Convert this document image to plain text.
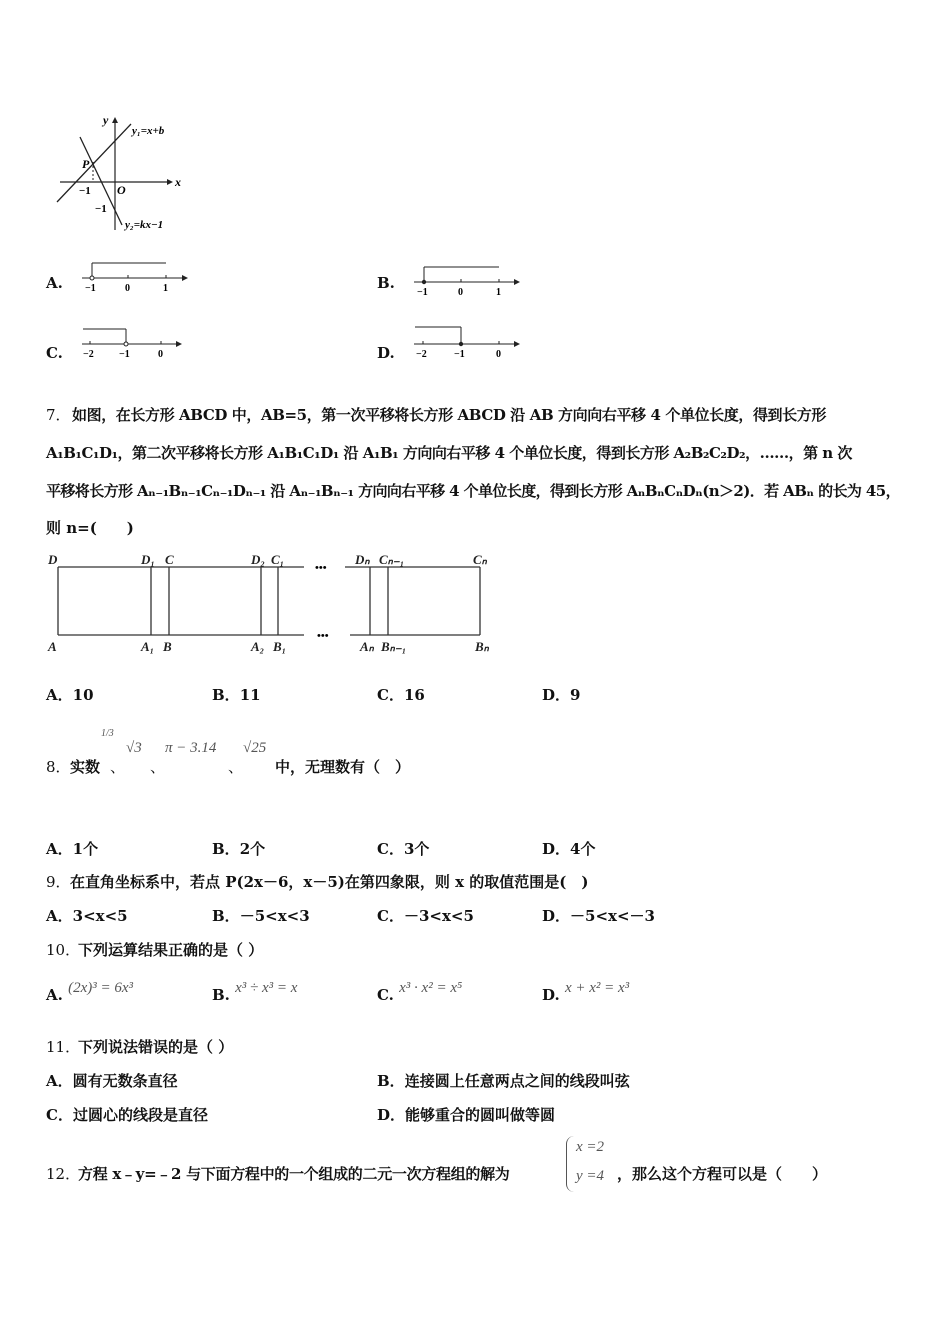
y
x
O
P
−1
−1
y₁=x+b
y₂=kx−1
A. −1	0	1	B.
−1	0	1
C. −2	−1	0	D. −2	−1	0
7． 如图，在长方形 ABCD 中，AB=5，第一次平移将长方形 ABCD 沿 AB 方向向右平移 4 个单位长度，得到长方形
A₁B₁C₁D₁，第二次平移将长方形 A₁B₁C₁D₁ 沿 A₁B₁ 方向向右平移 4 个单位长度，得到长方形 A₂B₂C₂D₂，……，第 n 次
平移将长方形 Aₙ₋₁Bₙ₋₁Cₙ₋₁Dₙ₋₁ 沿 Aₙ₋₁Bₙ₋₁ 方向向右平移 4 个单位长度，得到长方形 AₙBₙCₙDₙ(n＞2)．若 ABₙ 的长为 45，
则 n=(　　)
D	D₁ C	D₂ C₁	Dₙ Cₙ₋₁	Cₙ
A	A₁ B	A₂ B₁	Aₙ Bₙ₋₁	Bₙ
•••
•••
A．10	B．11	C．16	D．9
8． 实数
1/3
、
√3
、
π − 3.14
、
√25
中，无理数有（　）
A．1个	B．2个	C．3个	D．4个
9． 在直角坐标系中，若点 P(2x－6，x－5)在第四象限，则 x 的取值范围是(　)
A．3<x<5	B．－5<x<3	C．－3<x<5	D．－5<x<－3
10．
下列运算结果正确的是（ ）
A. (2x)³ = 6x³	B. x³ ÷ x³ = x	C. x³ · x² = x⁵	D. x + x² = x³
11．
下列说法错误的是（ ）
A．圆有无数条直径	B．连接圆上任意两点之间的线段叫弦
C．过圆心的线段是直径	D．能够重合的圆叫做等圆
12．
方程 x﹣y=﹣2 与下面方程中的一个组成的二元一次方程组的解为
x =2
y =4 ，那么这个方程可以是（　　）
